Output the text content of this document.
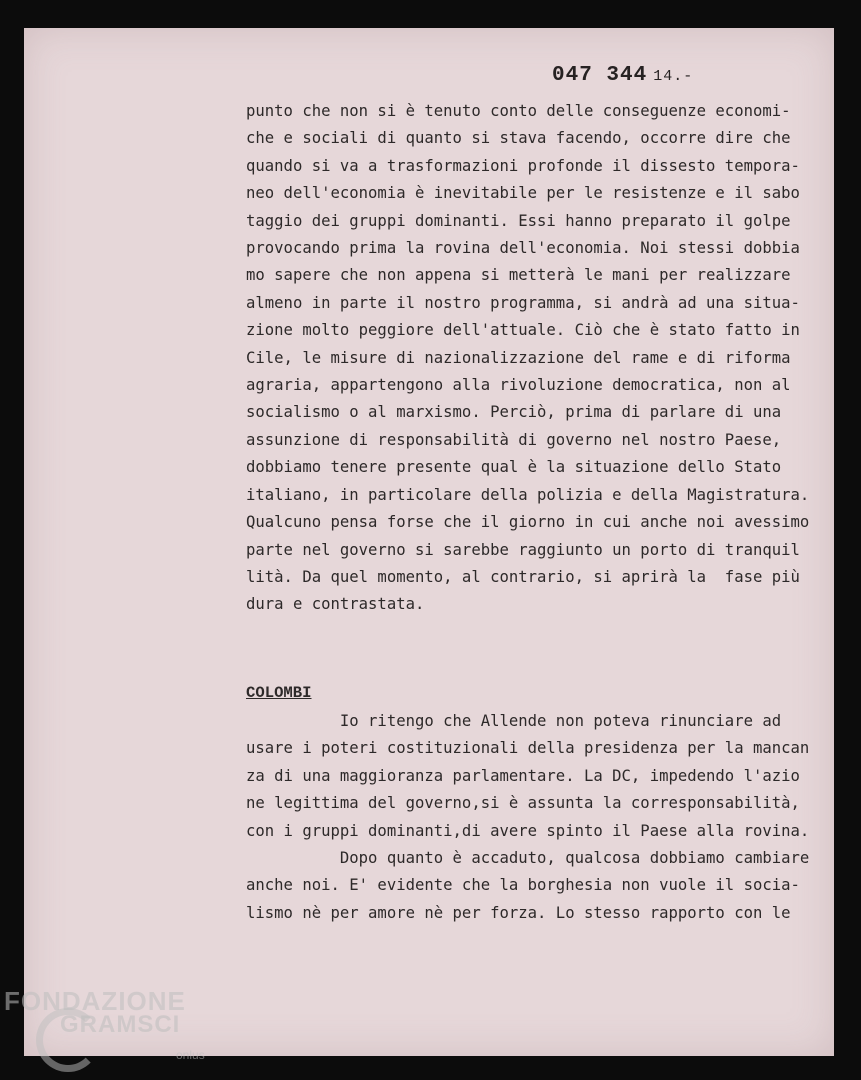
047 344 14.-
punto che non si è tenuto conto delle conseguenze economi-
che e sociali di quanto si stava facendo, occorre dire che
quando si va a trasformazioni profonde il dissesto tempora-
neo dell'economia è inevitabile per le resistenze e il sabo
taggio dei gruppi dominanti. Essi hanno preparato il golpe
provocando prima la rovina dell'economia. Noi stessi dobbia
mo sapere che non appena si metterà le mani per realizzare
almeno in parte il nostro programma, si andrà ad una situa-
zione molto peggiore dell'attuale. Ciò che è stato fatto in
Cile, le misure di nazionalizzazione del rame e di riforma
agraria, appartengono alla rivoluzione democratica, non al
socialismo o al marxismo. Perciò, prima di parlare di una
assunzione di responsabilità di governo nel nostro Paese,
dobbiamo tenere presente qual è la situazione dello Stato
italiano, in particolare della polizia e della Magistratura.
Qualcuno pensa forse che il giorno in cui anche noi avessimo
parte nel governo si sarebbe raggiunto un porto di tranquil
lità. Da quel momento, al contrario, si aprirà la  fase più
dura e contrastata.
COLOMBI
Io ritengo che Allende non poteva rinunciare ad
usare i poteri costituzionali della presidenza per la mancan
za di una maggioranza parlamentare. La DC, impedendo l'azio
ne legittima del governo,si è assunta la corresponsabilità,
con i gruppi dominanti,di avere spinto il Paese alla rovina.
Dopo quanto è accaduto, qualcosa dobbiamo cambiare
anche noi. E' evidente che la borghesia non vuole il socia-
lismo nè per amore nè per forza. Lo stesso rapporto con le
FONDAZIONE
GRAMSCI
onlus
